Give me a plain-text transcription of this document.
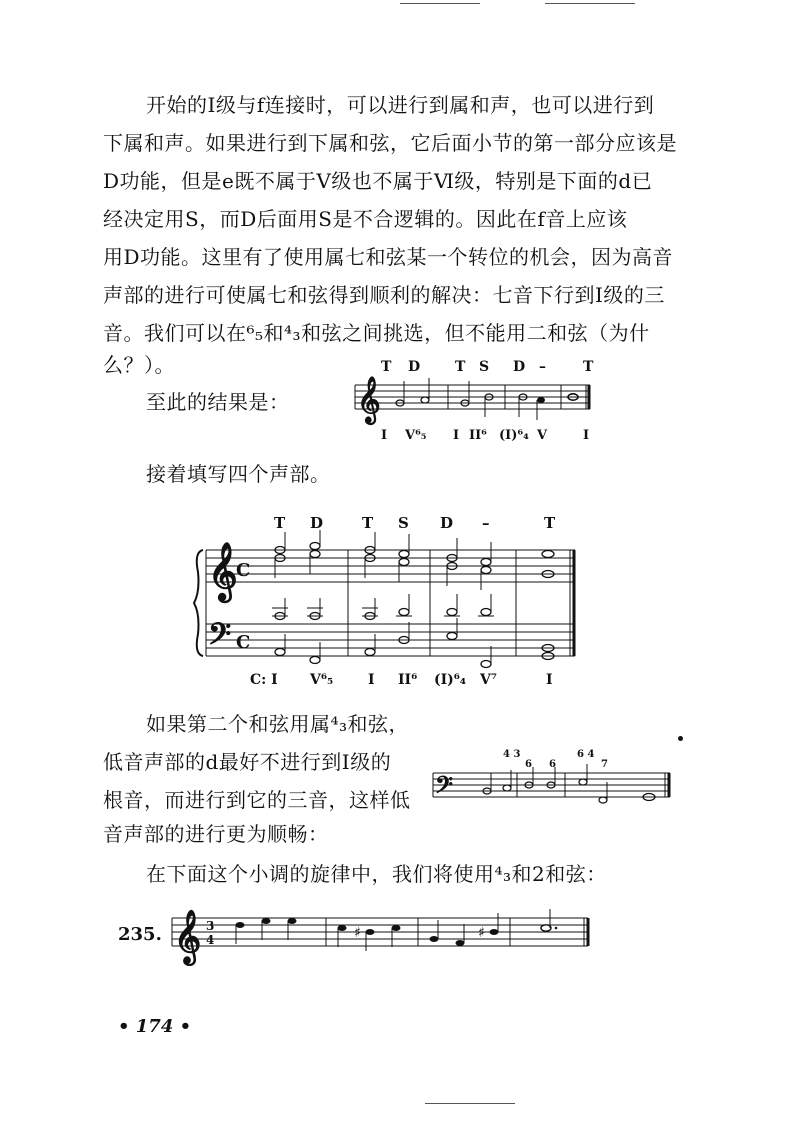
开始的Ⅰ级与f连接时，可以进行到属和声，也可以进行到
下属和声。如果进行到下属和弦，它后面小节的第一部分应该是
D功能，但是e既不属于Ⅴ级也不属于Ⅵ级，特别是下面的d已
经决定用S，而D后面用S是不合逻辑的。因此在f音上应该
用D功能。这里有了使用属七和弦某一个转位的机会，因为高音
声部的进行可使属七和弦得到顺利的解决：七音下行到Ⅰ级的三
音。我们可以在⁶₅和⁴₃和弦之间挑选，但不能用二和弦（为什
么？）。
至此的结果是：
T D T S D –	T
𝄞
I V⁶₅ I II⁶ (I)⁶₄ V	I
接着填写四个声部。
T D	T S D –	T
𝄞
𝄢
C
C
C: I V⁶₅ I II⁶ (I)⁶₄ V⁷	I
如果第二个和弦用属⁴₃和弦，
低音声部的d最好不进行到Ⅰ级的
根音，而进行到它的三音，这样低
音声部的进行更为顺畅：
4 3
6 6
6 4
7
𝄢
在下面这个小调的旋律中，我们将使用⁴₃和2和弦：
235. 𝄞 3
4	♯	♯
• 174 •
